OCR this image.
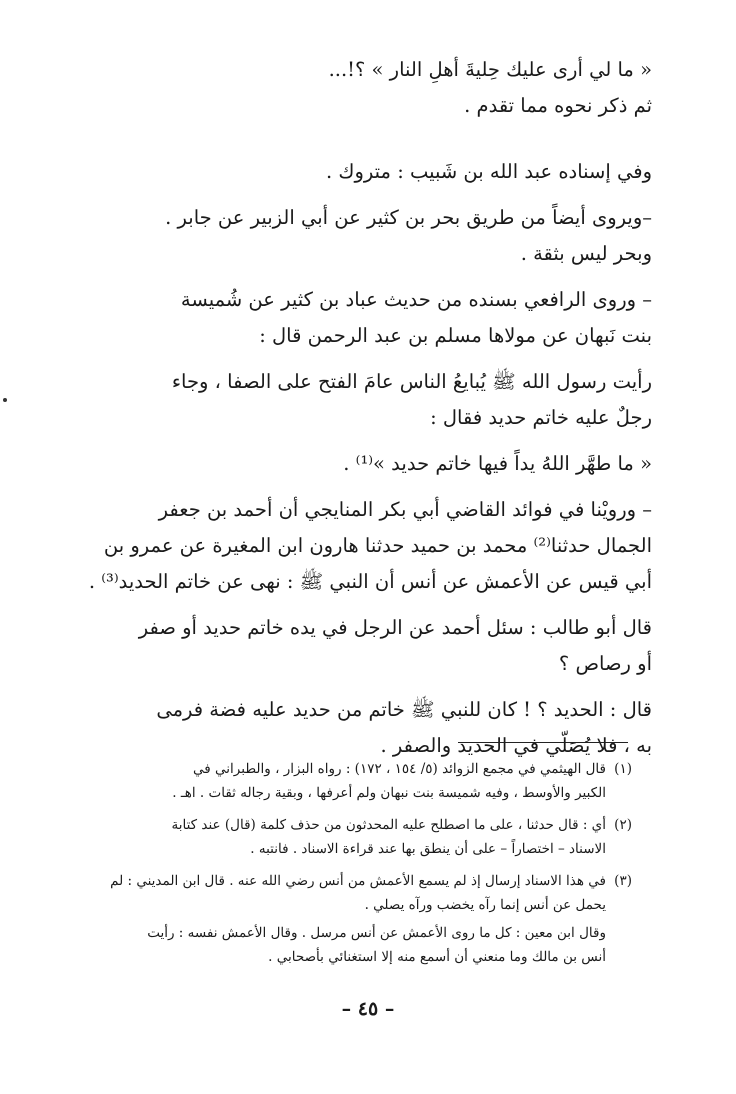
« ما لي أرى عليك حِليةَ أهلِ النار » ؟!...
ثم ذكر نحوه مما تقدم .

وفي إسناده عبد الله بن شَبيب : متروك .
–ويروى أيضاً من طريق بحر بن كثير عن أبي الزبير عن جابر .
وبحر ليس بثقة .
– وروى الرافعي بسنده من حديث عباد بن كثير عن شُميسة
بنت نَبهان عن مولاها مسلم بن عبد الرحمن قال :
رأيت رسول الله ﷺ يُبايعُ الناس عامَ الفتح على الصفا ، وجاء
رجلٌ عليه خاتم حديد فقال :
« ما طهَّر اللهُ يداً فيها خاتم حديد »⁽¹⁾ .
– ورويْنا في فوائد القاضي أبي بكر المنايجي أن أحمد بن جعفر
الجمال حدثنا⁽²⁾ محمد بن حميد حدثنا هارون ابن المغيرة عن عمرو بن
أبي قيس عن الأعمش عن أنس أن النبي ﷺ : نهى عن خاتم الحديد⁽³⁾ .
قال أبو طالب : سئل أحمد عن الرجل في يده خاتم حديد أو صفر
أو رصاص ؟
قال : الحديد ؟ ! كان للنبي ﷺ خاتم من حديد عليه فضة فرمى
به ، فلا يُصَلّي في الحديد والصفر .
(١)
قال الهيثمي في مجمع الزوائد (٥/ ١٥٤ ، ١٧٢) : رواه البزار ، والطبراني في
الكبير والأوسط ، وفيه شميسة بنت نبهان ولم أعرفها ، وبقية رجاله ثقات . اهـ .
(٢)
أي : قال حدثنا ، على ما اصطلح عليه المحدثون من حذف كلمة (قال) عند كتابة
الاسناد – اختصاراً – على أن ينطق بها عند قراءة الاسناد . فانتبه .
(٣)
في هذا الاسناد إرسال إذ لم يسمع الأعمش من أنس رضي الله عنه . قال ابن المديني : لم
يحمل عن أنس إنما رآه يخضب ورآه يصلي .
وقال ابن معين : كل ما روى الأعمش عن أنس مرسل . وقال الأعمش نفسه : رأيت
أنس بن مالك وما منعني أن أسمع منه إلا استغنائي بأصحابي .
– ٤٥ –
